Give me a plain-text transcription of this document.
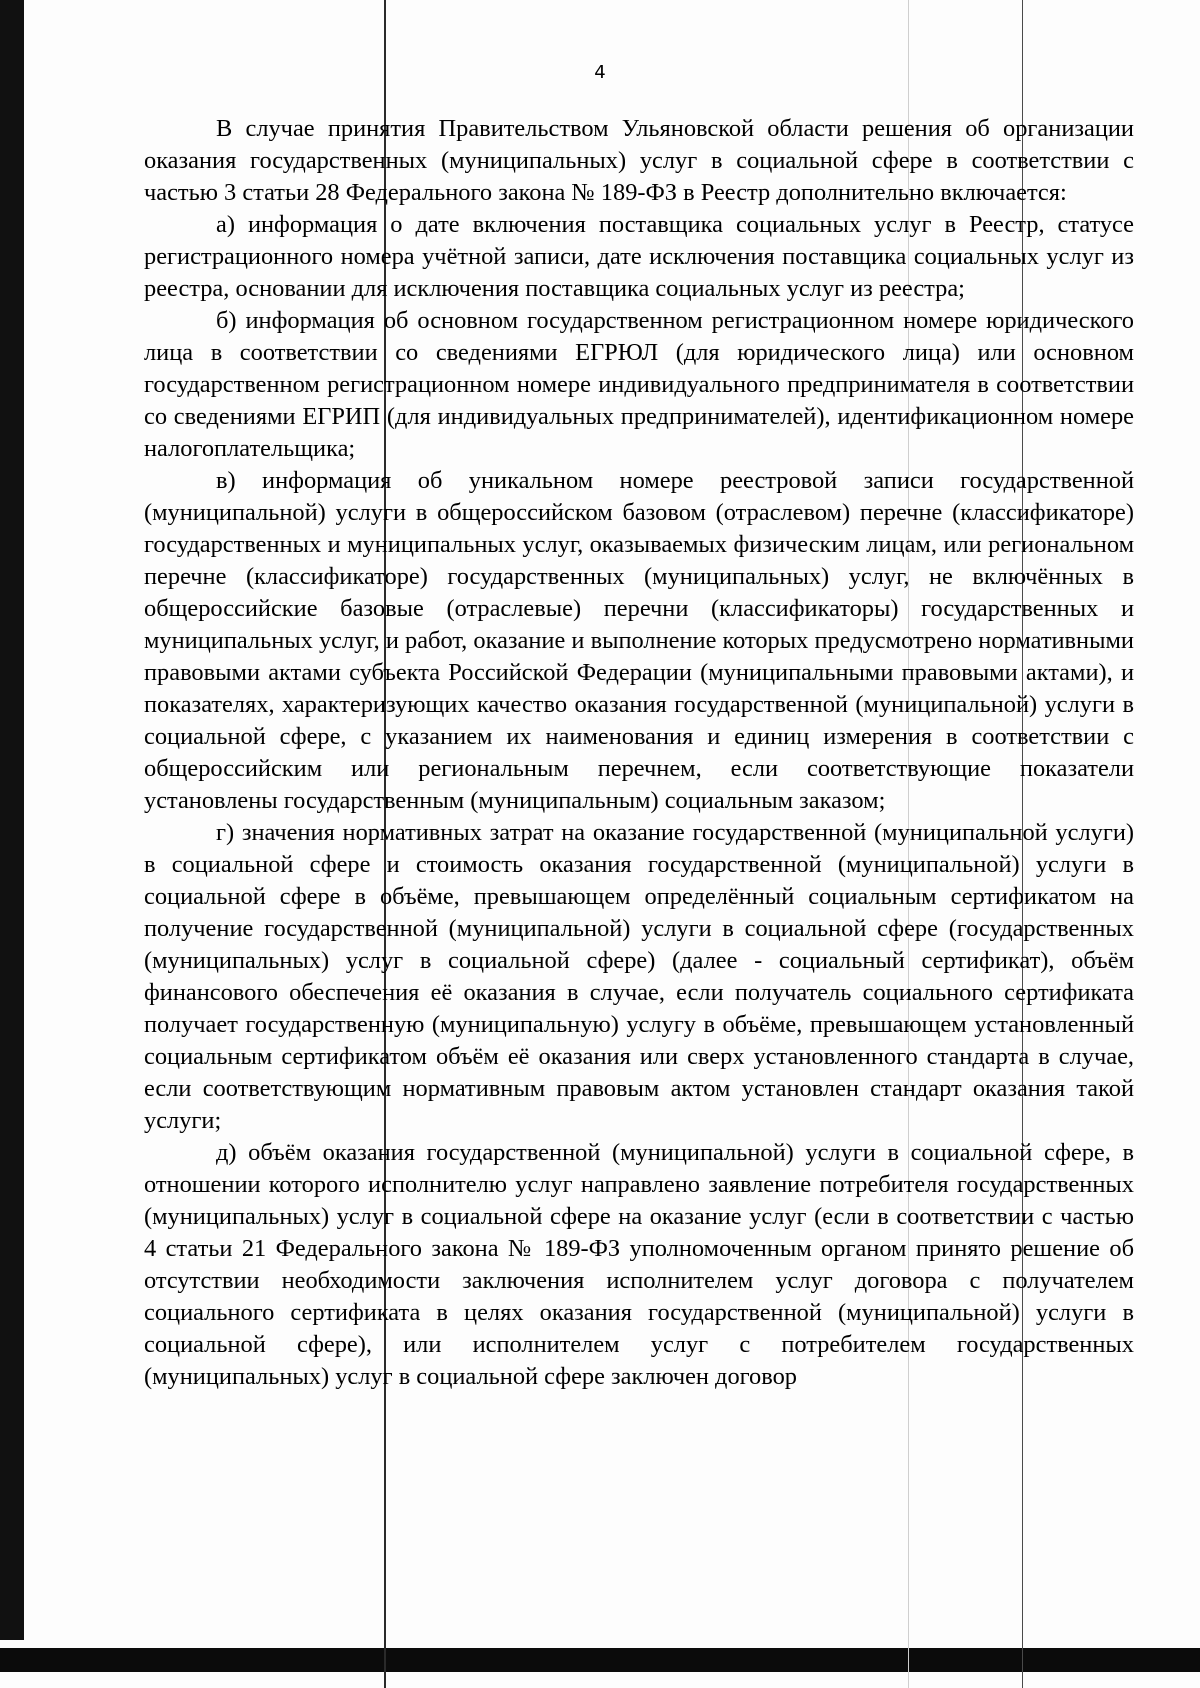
4

В случае принятия Правительством Ульяновской области решения об организации оказания государственных (муниципальных) услуг в социальной сфере в соответствии с частью 3 статьи 28 Федерального закона № 189-ФЗ в Реестр дополнительно включается:

а) информация о дате включения поставщика социальных услуг в Реестр, статусе регистрационного номера учётной записи, дате исключения поставщика социальных услуг из реестра, основании для исключения поставщика социальных услуг из реестра;

б) информация об основном государственном регистрационном номере юридического лица в соответствии со сведениями ЕГРЮЛ (для юридического лица) или основном государственном регистрационном номере индивидуального предпринимателя в соответствии со сведениями ЕГРИП (для индивидуальных предпринимателей), идентификационном номере налогоплательщика;

в) информация об уникальном номере реестровой записи государственной (муниципальной) услуги в общероссийском базовом (отраслевом) перечне (классификаторе) государственных и муниципальных услуг, оказываемых физическим лицам, или региональном перечне (классификаторе) государственных (муниципальных) услуг, не включённых в общероссийские базовые (отраслевые) перечни (классификаторы) государственных и муниципальных услуг, и работ, оказание и выполнение которых предусмотрено нормативными правовыми актами субъекта Российской Федерации (муниципальными правовыми актами), и показателях, характеризующих качество оказания государственной (муниципальной) услуги в социальной сфере, с указанием их наименования и единиц измерения в соответствии с общероссийским или региональным перечнем, если соответствующие показатели установлены государственным (муниципальным) социальным заказом;

г) значения нормативных затрат на оказание государственной (муниципальной услуги) в социальной сфере и стоимость оказания государственной (муниципальной) услуги в социальной сфере в объёме, превышающем определённый социальным сертификатом на получение государственной (муниципальной) услуги в социальной сфере (государственных (муниципальных) услуг в социальной сфере) (далее - социальный сертификат), объём финансового обеспечения её оказания в случае, если получатель социального сертификата получает государственную (муниципальную) услугу в объёме, превышающем установленный социальным сертификатом объём её оказания или сверх установленного стандарта в случае, если соответствующим нормативным правовым актом установлен стандарт оказания такой услуги;

д) объём оказания государственной (муниципальной) услуги в социальной сфере, в отношении которого исполнителю услуг направлено заявление потребителя государственных (муниципальных) услуг в социальной сфере на оказание услуг (если в соответствии с частью 4 статьи 21 Федерального закона № 189-ФЗ уполномоченным органом принято решение об отсутствии необходимости заключения исполнителем услуг договора с получателем социального сертификата в целях оказания государственной (муниципальной) услуги в социальной сфере), или исполнителем услуг с потребителем государственных (муниципальных) услуг в социальной сфере заключен договор
